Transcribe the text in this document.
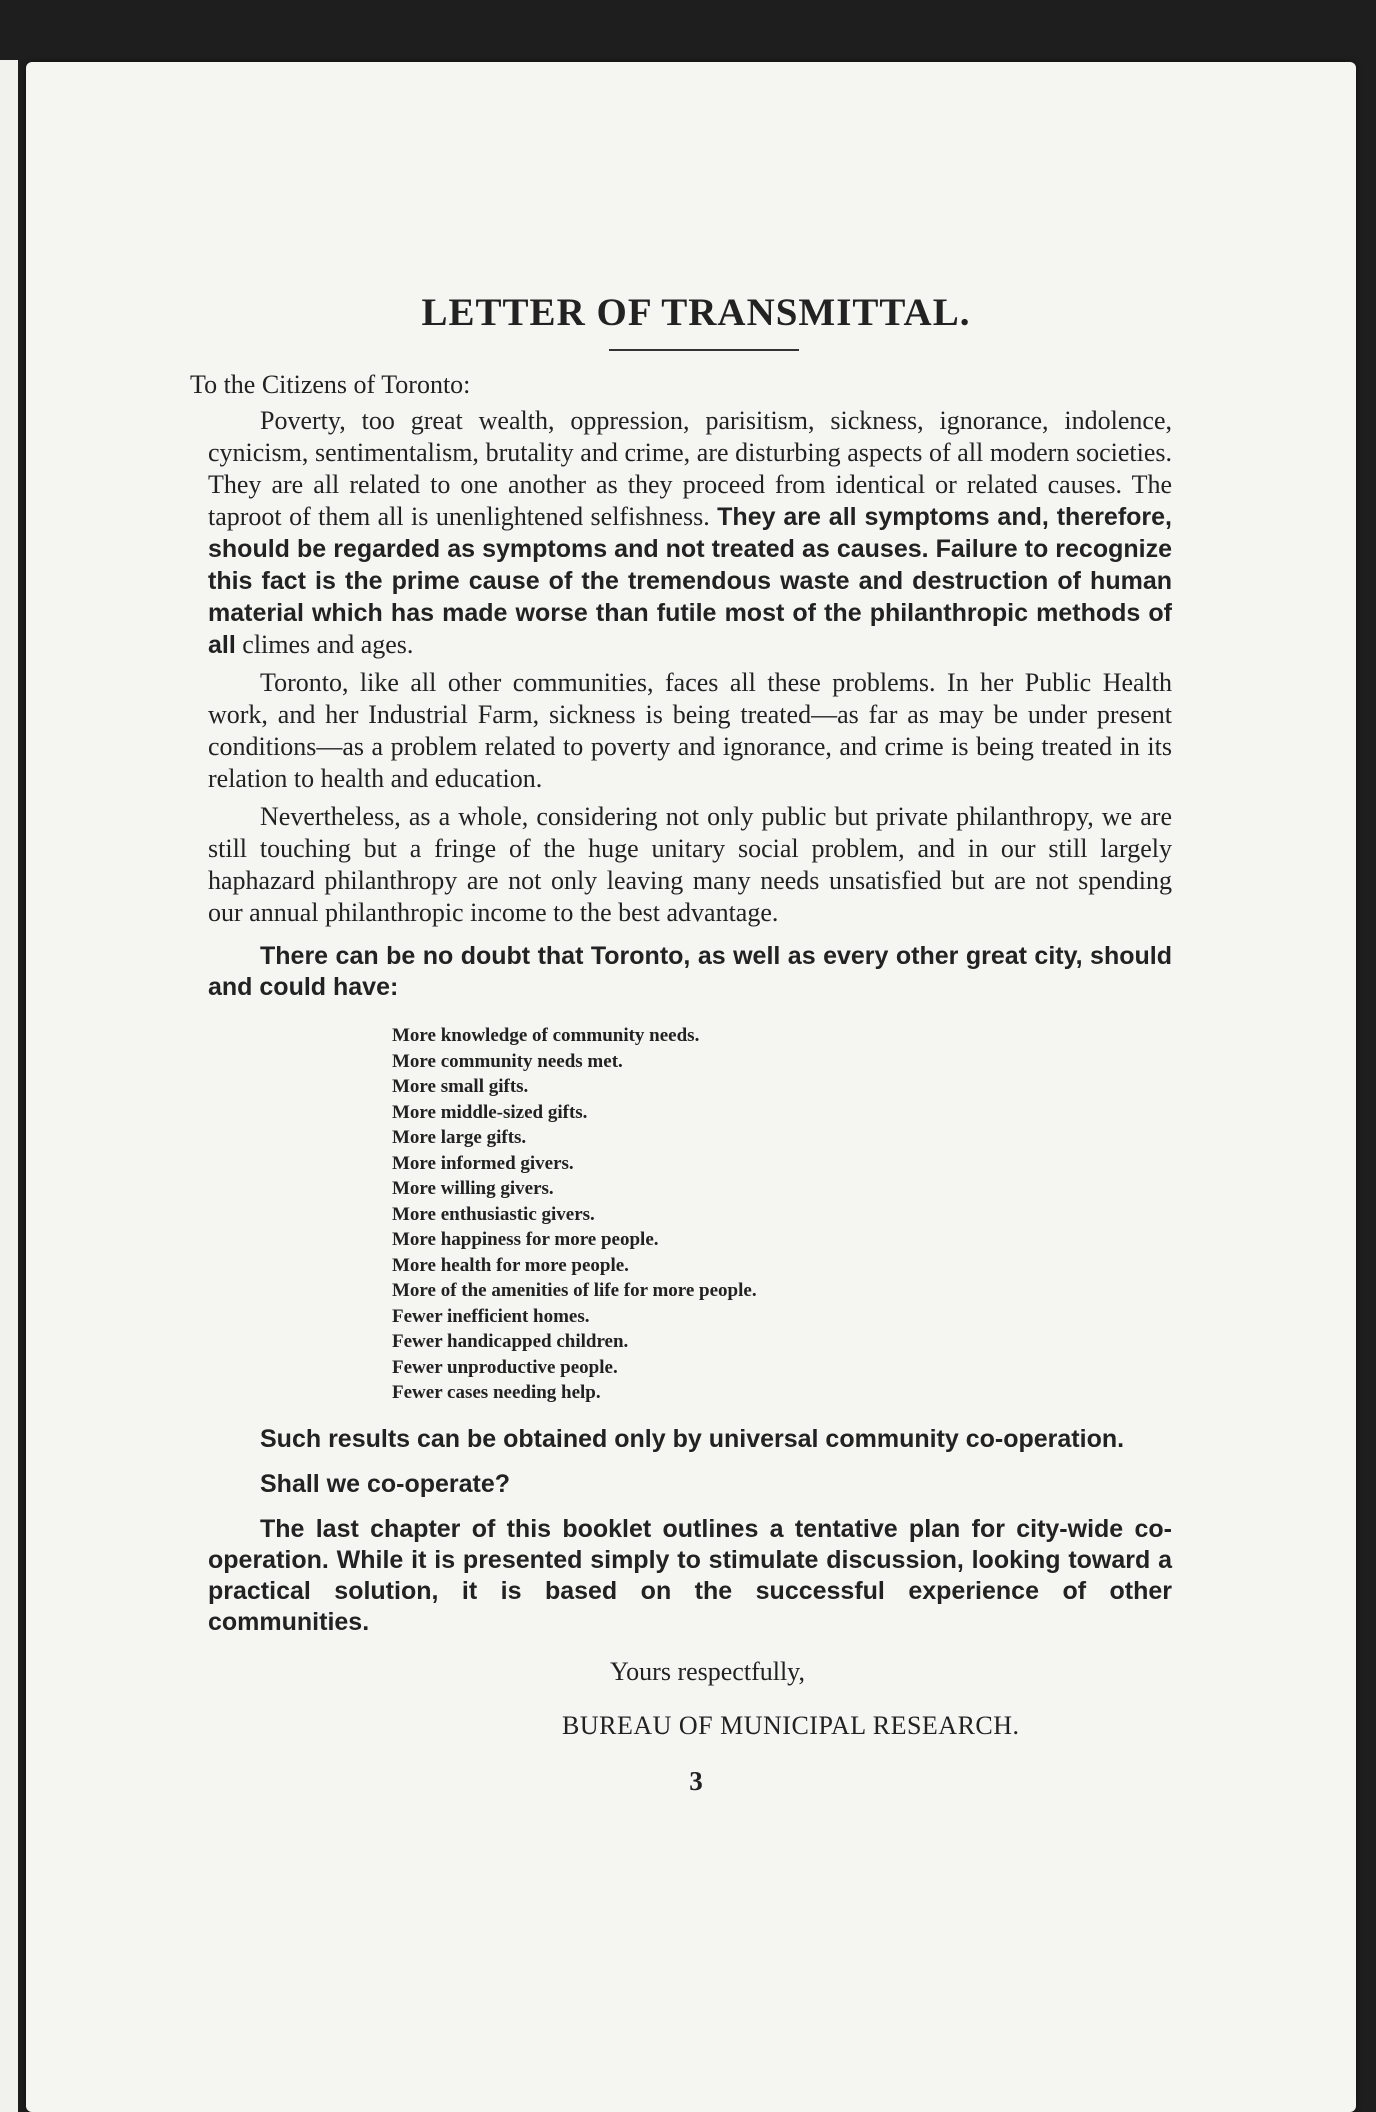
LETTER OF TRANSMITTAL.
To the Citizens of Toronto:

Poverty, too great wealth, oppression, parisitism, sickness, ignorance, indolence, cynicism, sentimentalism, brutality and crime, are disturbing aspects of all modern societies. They are all related to one another as they proceed from identical or related causes. The taproot of them all is unenlightened selfishness. They are all symptoms and, therefore, should be regarded as symptoms and not treated as causes. Failure to recognize this fact is the prime cause of the tremendous waste and destruction of human material which has made worse than futile most of the philanthropic methods of all climes and ages.

Toronto, like all other communities, faces all these problems. In her Public Health work, and her Industrial Farm, sickness is being treated—as far as may be under present conditions—as a problem related to poverty and ignorance, and crime is being treated in its relation to health and education.

Nevertheless, as a whole, considering not only public but private philanthropy, we are still touching but a fringe of the huge unitary social problem, and in our still largely haphazard philanthropy are not only leaving many needs unsatisfied but are not spending our annual philanthropic income to the best advantage.

There can be no doubt that Toronto, as well as every other great city, should and could have:

More knowledge of community needs.
More community needs met.
More small gifts.
More middle-sized gifts.
More large gifts.
More informed givers.
More willing givers.
More enthusiastic givers.
More happiness for more people.
More health for more people.
More of the amenities of life for more people.
Fewer inefficient homes.
Fewer handicapped children.
Fewer unproductive people.
Fewer cases needing help.

Such results can be obtained only by universal community co-operation.

Shall we co-operate?

The last chapter of this booklet outlines a tentative plan for city-wide co-operation. While it is presented simply to stimulate discussion, looking toward a practical solution, it is based on the successful experience of other communities.

Yours respectfully,
BUREAU OF MUNICIPAL RESEARCH.
3
